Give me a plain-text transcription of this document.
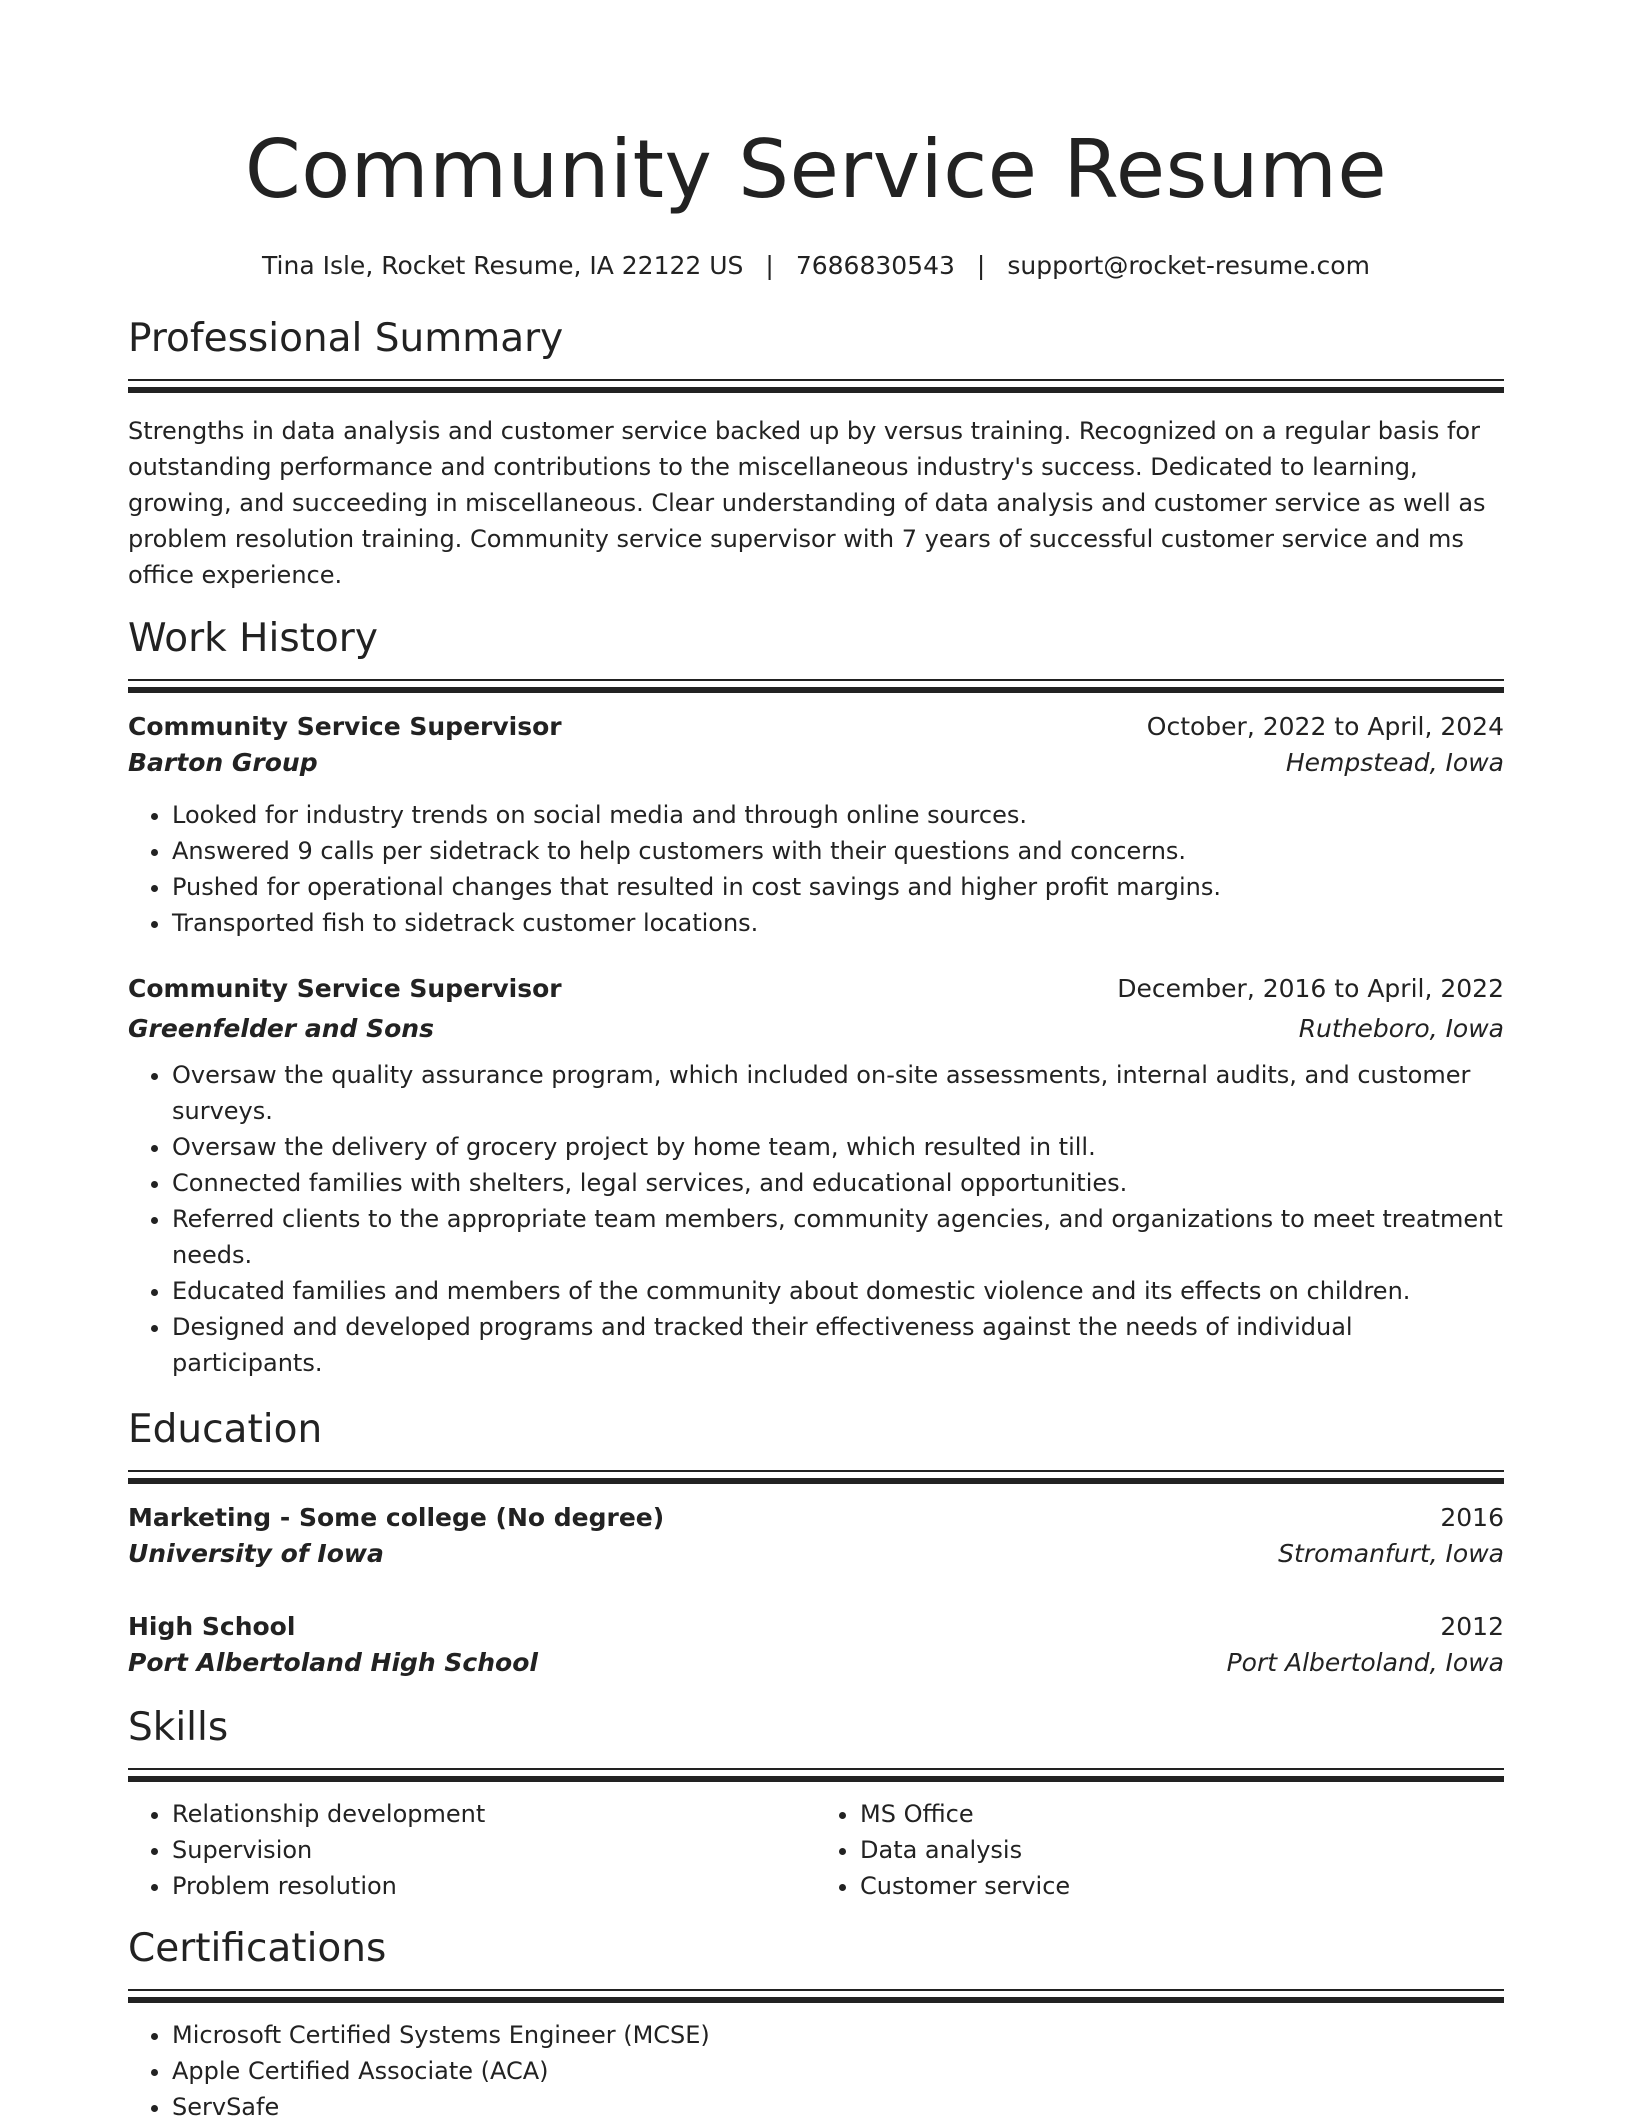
Community Service Resume
Tina Isle, Rocket Resume, IA 22122 US | 7686830543 | support@rocket-resume.com
Professional Summary
Strengths in data analysis and customer service backed up by versus training. Recognized on a regular basis for outstanding performance and contributions to the miscellaneous industry's success. Dedicated to learning, growing, and succeeding in miscellaneous. Clear understanding of data analysis and customer service as well as problem resolution training. Community service supervisor with 7 years of successful customer service and ms office experience.
Work History
Community Service Supervisor	October, 2022 to April, 2024
Barton Group	Hempstead, Iowa
• Looked for industry trends on social media and through online sources.
• Answered 9 calls per sidetrack to help customers with their questions and concerns.
• Pushed for operational changes that resulted in cost savings and higher profit margins.
• Transported fish to sidetrack customer locations.
Community Service Supervisor	December, 2016 to April, 2022
Greenfelder and Sons	Rutheboro, Iowa
• Oversaw the quality assurance program, which included on-site assessments, internal audits, and customer surveys.
• Oversaw the delivery of grocery project by home team, which resulted in till.
• Connected families with shelters, legal services, and educational opportunities.
• Referred clients to the appropriate team members, community agencies, and organizations to meet treatment needs.
• Educated families and members of the community about domestic violence and its effects on children.
• Designed and developed programs and tracked their effectiveness against the needs of individual participants.
Education
Marketing - Some college (No degree)	2016
University of Iowa	Stromanfurt, Iowa
High School	2012
Port Albertoland High School	Port Albertoland, Iowa
Skills
• Relationship development
• Supervision
• Problem resolution
• MS Office
• Data analysis
• Customer service
Certifications
• Microsoft Certified Systems Engineer (MCSE)
• Apple Certified Associate (ACA)
• ServSafe
